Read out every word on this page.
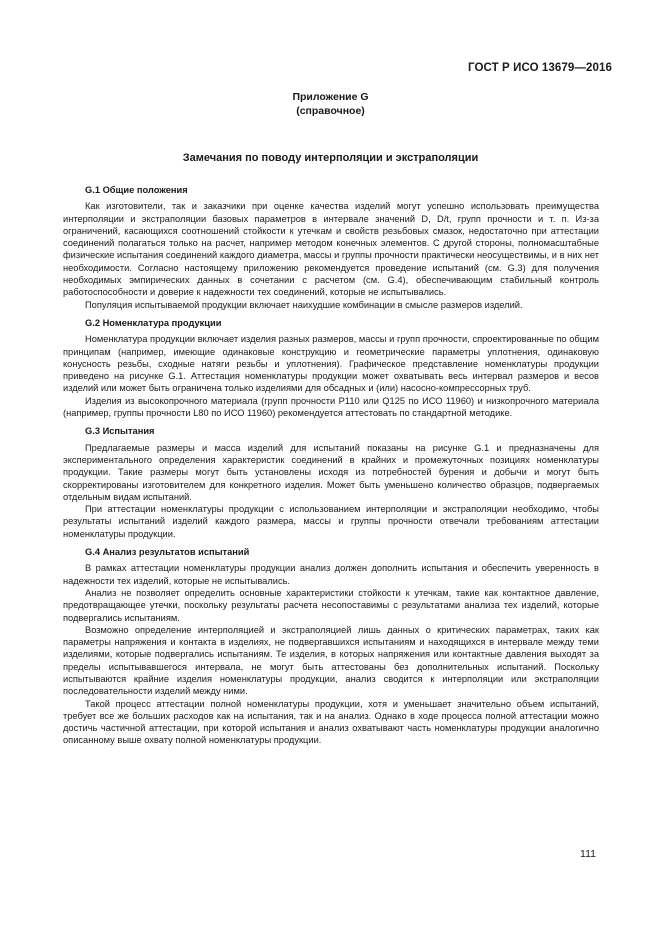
ГОСТ Р ИСО 13679—2016
Приложение G
(справочное)
Замечания по поводу интерполяции и экстраполяции
G.1 Общие положения

Как изготовители, так и заказчики при оценке качества изделий могут успешно использовать преимущества интерполяции и экстраполяции базовых параметров в интервале значений D, D/t, групп прочности и т. п. Из-за ограничений, касающихся соотношений стойкости к утечкам и свойств резьбовых смазок, недостаточно при аттестации соединений полагаться только на расчет, например методом конечных элементов. С другой стороны, полномасштабные физические испытания соединений каждого диаметра, массы и группы прочности практически неосуществимы, и в них нет необходимости. Согласно настоящему приложению рекомендуется проведение испытаний (см. G.3) для получения необходимых эмпирических данных в сочетании с расчетом (см. G.4), обеспечивающим стабильный контроль работоспособности и доверие к надежности тех соединений, которые не испытывались.

Популяция испытываемой продукции включает наихудшие комбинации в смысле размеров изделий.

G.2 Номенклатура продукции

Номенклатура продукции включает изделия разных размеров, массы и групп прочности, спроектированные по общим принципам (например, имеющие одинаковые конструкцию и геометрические параметры уплотнения, одинаковую конусность резьбы, сходные натяги резьбы и уплотнения). Графическое представление номенклатуры продукции приведено на рисунке G.1. Аттестация номенклатуры продукции может охватывать весь интервал размеров и весов изделий или может быть ограничена только изделиями для обсадных и (или) насосно-компрессорных труб.

Изделия из высокопрочного материала (групп прочности P110 или Q125 по ИСО 11960) и низкопрочного материала (например, группы прочности L80 по ИСО 11960) рекомендуется аттестовать по стандартной методике.

G.3 Испытания

Предлагаемые размеры и масса изделий для испытаний показаны на рисунке G.1 и предназначены для экспериментального определения характеристик соединений в крайних и промежуточных позициях номенклатуры продукции. Такие размеры могут быть установлены исходя из потребностей бурения и добычи и могут быть скорректированы изготовителем для конкретного изделия. Может быть уменьшено количество образцов, подвергаемых отдельным видам испытаний.

При аттестации номенклатуры продукции с использованием интерполяции и экстраполяции необходимо, чтобы результаты испытаний изделий каждого размера, массы и группы прочности отвечали требованиям аттестации номенклатуры продукции.

G.4 Анализ результатов испытаний

В рамках аттестации номенклатуры продукции анализ должен дополнить испытания и обеспечить уверенность в надежности тех изделий, которые не испытывались.

Анализ не позволяет определить основные характеристики стойкости к утечкам, такие как контактное давление, предотвращающее утечки, поскольку результаты расчета несопоставимы с результатами анализа тех изделий, которые подвергались испытаниям.

Возможно определение интерполяцией и экстраполяцией лишь данных о критических параметрах, таких как параметры напряжения и контакта в изделиях, не подвергавшихся испытаниям и находящихся в интервале между теми изделиями, которые подвергались испытаниям. Те изделия, в которых напряжения или контактные давления выходят за пределы испытывавшегося интервала, не могут быть аттестованы без дополнительных испытаний. Поскольку испытываются крайние изделия номенклатуры продукции, анализ сводится к интерполяции или экстраполяции последовательности изделий между ними.

Такой процесс аттестации полной номенклатуры продукции, хотя и уменьшает значительно объем испытаний, требует все же больших расходов как на испытания, так и на анализ. Однако в ходе процесса полной аттестации можно достичь частичной аттестации, при которой испытания и анализ охватывают часть номенклатуры продукции аналогично описанному выше охвату полной номенклатуры продукции.

111
